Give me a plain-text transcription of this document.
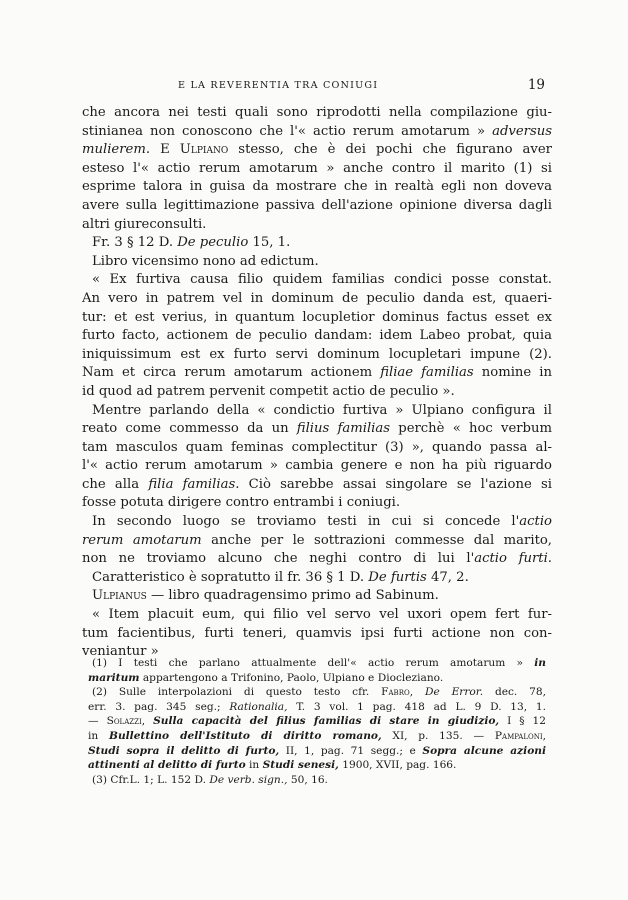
E LA REVERENTIA TRA CONIUGI	19
che ancora nei testi quali sono riprodotti nella compilazione giu-
stinianea non conoscono che l'« actio rerum amotarum » adversus
mulierem. E Ulpiano stesso, che è dei pochi che figurano aver
esteso l'« actio rerum amotarum » anche contro il marito (1) si
esprime talora in guisa da mostrare che in realtà egli non doveva
avere sulla legittimazione passiva dell'azione opinione diversa dagli
altri giureconsulti.
Fr. 3 § 12 D. De peculio 15, 1.
Libro vicensimo nono ad edictum.
« Ex furtiva causa filio quidem familias condici posse constat.
An vero in patrem vel in dominum de peculio danda est, quaeri-
tur: et est verius, in quantum locupletior dominus factus esset ex
furto facto, actionem de peculio dandam: idem Labeo probat, quia
iniquissimum est ex furto servi dominum locupletari impune (2).
Nam et circa rerum amotarum actionem filiae familias nomine in
id quod ad patrem pervenit competit actio de peculio ».
Mentre parlando della « condictio furtiva » Ulpiano configura il
reato come commesso da un filius familias perchè « hoc verbum
tam masculos quam feminas complectitur (3) », quando passa al-
l'« actio rerum amotarum » cambia genere e non ha più riguardo
che alla filia familias. Ciò sarebbe assai singolare se l'azione si
fosse potuta dirigere contro entrambi i coniugi.
In secondo luogo se troviamo testi in cui si concede l'actio
rerum amotarum anche per le sottrazioni commesse dal marito,
non ne troviamo alcuno che neghi contro di lui l'actio furti.
Caratteristico è sopratutto il fr. 36 § 1 D. De furtis 47, 2.
Ulpianus — libro quadragensimo primo ad Sabinum.
« Item placuit eum, qui filio vel servo vel uxori opem fert fur-
tum facientibus, furti teneri, quamvis ipsi furti actione non con-
veniantur »
(1) I testi che parlano attualmente dell'« actio rerum amotarum » in
maritum appartengono a Trifonino, Paolo, Ulpiano e Diocleziano.
(2) Sulle interpolazioni di questo testo cfr. Fabro, De Error. dec. 78,
err. 3. pag. 345 seg.; Rationalia, T. 3 vol. 1 pag. 418 ad L. 9 D. 13, 1.
— Solazzi, Sulla capacità del filius familias di stare in giudizio, I § 12
in Bullettino dell'Istituto di diritto romano, XI, p. 135. — Pampaloni,
Studi sopra il delitto di furto, II, 1, pag. 71 segg.; e Sopra alcune azioni
attinenti al delitto di furto in Studi senesi, 1900, XVII, pag. 166.
(3) Cfr.L. 1; L. 152 D. De verb. sign., 50, 16.
